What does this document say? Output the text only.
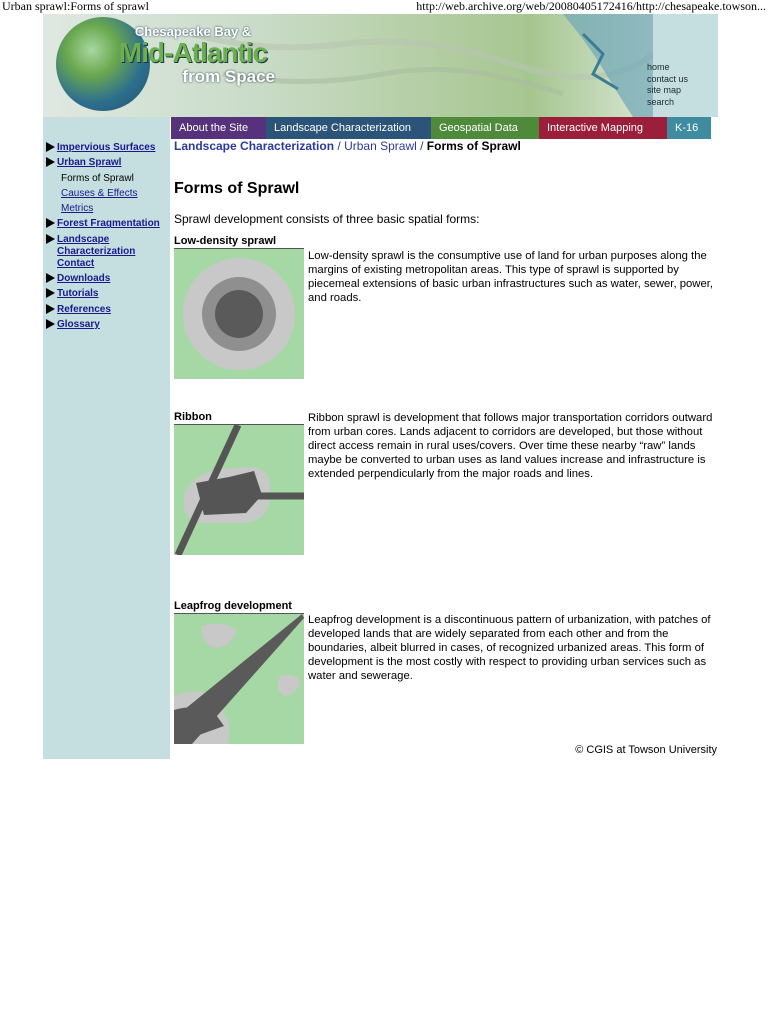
Urban sprawl:Forms of sprawl	http://web.archive.org/web/20080405172416/http://chesapeake.towson...
Chesapeake Bay &
Mid-Atlantic
from Space	home
contact us
site map
search
About the Site	Landscape Characterization	Geospatial Data	Interactive Mapping	K-16
Impervious Surfaces
Urban Sprawl
Forms of Sprawl
Causes & Effects
Metrics
Forest Fragmentation
Landscape Characterization Contact
Downloads
Tutorials
References
Glossary

Landscape Characterization / Urban Sprawl / Forms of Sprawl

Forms of Sprawl

Sprawl development consists of three basic spatial forms:

Low-density sprawl

Low-density sprawl is the consumptive use of land for urban purposes along the margins of existing metropolitan areas. This type of sprawl is supported by piecemeal extensions of basic urban infrastructures such as water, sewer, power, and roads.

Ribbon	Ribbon sprawl is development that follows major transportation corridors outward from urban cores. Lands adjacent to corridors are developed, but those without direct access remain in rural uses/covers. Over time these nearby “raw” lands maybe be converted to urban uses as land values increase and infrastructure is extended perpendicularly from the major roads and lines.

Leapfrog development

Leapfrog development is a discontinuous pattern of urbanization, with patches of developed lands that are widely separated from each other and from the boundaries, albeit blurred in cases, of recognized urbanized areas. This form of development is the most costly with respect to providing urban services such as water and sewerage.

© CGIS at Towson University
